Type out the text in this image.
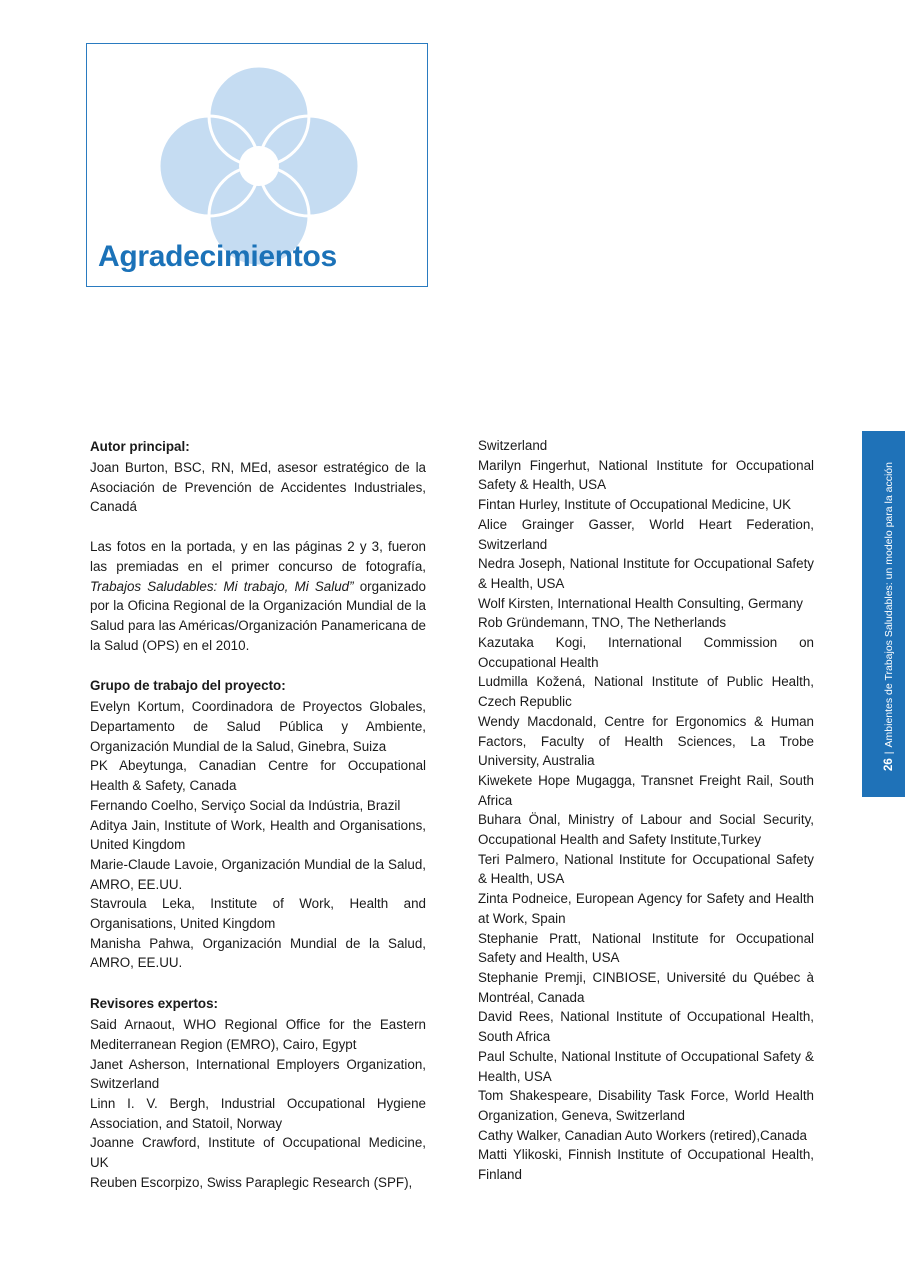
Agradecimientos
Autor principal:

Joan Burton, BSC, RN, MEd, asesor estratégico de la Asociación de Prevención de Accidentes Industriales, Canadá

Las fotos en la portada, y en las páginas 2 y 3, fueron las premiadas en el primer concurso de fotografía, Trabajos Saludables: Mi trabajo, Mi Salud” organizado por la Oficina Regional de la Organización Mundial de la Salud para las Américas/Organización Panamericana de la Salud (OPS) en el 2010.

Grupo de trabajo del proyecto:

Evelyn Kortum, Coordinadora de Proyectos Globales, Departamento de Salud Pública y Ambiente, Organización Mundial de la Salud, Ginebra, Suiza

PK Abeytunga, Canadian Centre for Occupational Health & Safety, Canada

Fernando Coelho, Serviço Social da Indústria, Brazil

Aditya Jain, Institute of Work, Health and Organisations, United Kingdom

Marie-Claude Lavoie, Organización Mundial de la Salud, AMRO, EE.UU.

Stavroula Leka, Institute of Work, Health and Organisations, United Kingdom

Manisha Pahwa, Organización Mundial de la Salud, AMRO, EE.UU.

Revisores expertos:

Said Arnaout, WHO Regional Office for the Eastern Mediterranean Region (EMRO), Cairo, Egypt

Janet Asherson, International Employers Organization, Switzerland

Linn I. V. Bergh, Industrial Occupational Hygiene Association, and Statoil, Norway

Joanne Crawford, Institute of Occupational Medicine, UK

Reuben Escorpizo, Swiss Paraplegic Research (SPF),

Switzerland

Marilyn Fingerhut, National Institute for Occupational Safety & Health, USA

Fintan Hurley, Institute of Occupational Medicine, UK

Alice Grainger Gasser, World Heart Federation, Switzerland

Nedra Joseph, National Institute for Occupational Safety & Health, USA

Wolf Kirsten, International Health Consulting, Germany

Rob Gründemann, TNO, The Netherlands

Kazutaka Kogi, International Commission on Occupational Health

Ludmilla Kožená, National Institute of Public Health, Czech Republic

Wendy Macdonald, Centre for Ergonomics & Human Factors, Faculty of Health Sciences, La Trobe University, Australia

Kiwekete Hope Mugagga, Transnet Freight Rail, South Africa

Buhara Önal, Ministry of Labour and Social Security, Occupational Health and Safety Institute,Turkey

Teri Palmero, National Institute for Occupational Safety & Health, USA

Zinta Podneice, European Agency for Safety and Health at Work, Spain

Stephanie Pratt, National Institute for Occupational Safety and Health, USA

Stephanie Premji, CINBIOSE, Université du Québec à Montréal, Canada

David Rees, National Institute of Occupational Health, South Africa

Paul Schulte, National Institute of Occupational Safety & Health, USA

Tom Shakespeare, Disability Task Force, World Health Organization, Geneva, Switzerland

Cathy Walker, Canadian Auto Workers (retired),Canada

Matti Ylikoski, Finnish Institute of Occupational Health, Finland

26|Ambientes de Trabajos Saludables: un modelo para la acción
